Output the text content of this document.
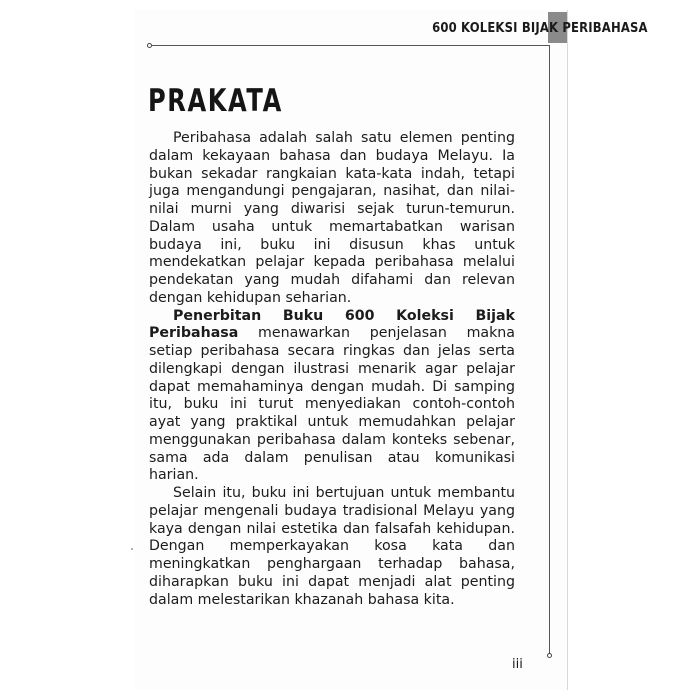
600 KOLEKSI BIJAK PERIBAHASA
PRAKATA

Peribahasa adalah salah satu elemen penting dalam kekayaan bahasa dan budaya Melayu. Ia bukan sekadar rangkaian kata-kata indah, tetapi juga mengandungi pengajaran, nasihat, dan nilai-nilai murni yang diwarisi sejak turun-temurun. Dalam usaha untuk memartabatkan warisan budaya ini, buku ini disusun khas untuk mendekatkan pelajar kepada peribahasa melalui pendekatan yang mudah difahami dan relevan dengan kehidupan seharian.

Penerbitan Buku 600 Koleksi Bijak Peribahasa menawarkan penjelasan makna setiap peribahasa secara ringkas dan jelas serta dilengkapi dengan ilustrasi menarik agar pelajar dapat memahaminya dengan mudah. Di samping itu, buku ini turut menyediakan contoh-contoh ayat yang praktikal untuk memudahkan pelajar menggunakan peribahasa dalam konteks sebenar, sama ada dalam penulisan atau komunikasi harian.

Selain itu, buku ini bertujuan untuk membantu pelajar mengenali budaya tradisional Melayu yang kaya dengan nilai estetika dan falsafah kehidupan. Dengan memperkayakan kosa kata dan meningkatkan penghargaan terhadap bahasa, diharapkan buku ini dapat menjadi alat penting dalam melestarikan khazanah bahasa kita.

iii
